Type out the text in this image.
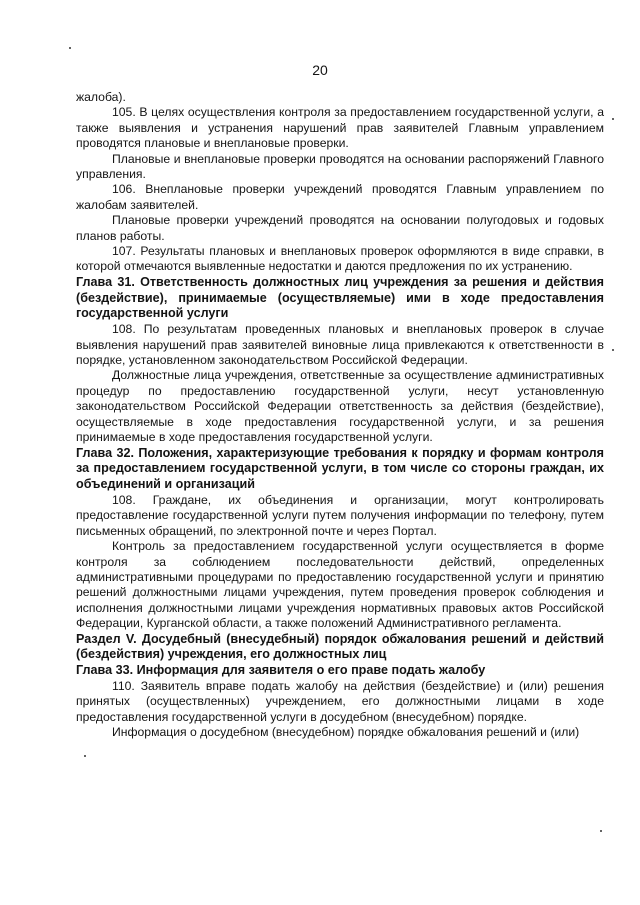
20

жалоба).

105. В целях осуществления контроля за предоставлением государственной услуги, а также выявления и устранения нарушений прав заявителей Главным управлением проводятся плановые и внеплановые проверки.

Плановые и внеплановые проверки проводятся на основании распоряжений Главного управления.

106. Внеплановые проверки учреждений проводятся Главным управлением по жалобам заявителей.

Плановые проверки учреждений проводятся на основании полугодовых и годовых планов работы.

107. Результаты плановых и внеплановых проверок оформляются в виде справки, в которой отмечаются выявленные недостатки и даются предложения по их устранению.

Глава 31. Ответственность должностных лиц учреждения за решения и действия (бездействие), принимаемые (осуществляемые) ими в ходе предоставления государственной услуги

108. По результатам проведенных плановых и внеплановых проверок в случае выявления нарушений прав заявителей виновные лица привлекаются к ответственности в порядке, установленном законодательством Российской Федерации.

Должностные лица учреждения, ответственные за осуществление административных процедур по предоставлению государственной услуги, несут установленную законодательством Российской Федерации ответственность за действия (бездействие), осуществляемые в ходе предоставления государственной услуги, и за решения принимаемые в ходе предоставления государственной услуги.

Глава 32. Положения, характеризующие требования к порядку и формам контроля за предоставлением государственной услуги, в том числе со стороны граждан, их объединений и организаций

108. Граждане, их объединения и организации, могут контролировать предоставление государственной услуги путем получения информации по телефону, путем письменных обращений, по электронной почте и через Портал.

Контроль за предоставлением государственной услуги осуществляется в форме контроля за соблюдением последовательности действий, определенных административными процедурами по предоставлению государственной услуги и принятию решений должностными лицами учреждения, путем проведения проверок соблюдения и исполнения должностными лицами учреждения нормативных правовых актов Российской Федерации, Курганской области, а также положений Административного регламента.

Раздел V. Досудебный (внесудебный) порядок обжалования решений и действий (бездействия) учреждения, его должностных лиц

Глава 33. Информация для заявителя о его праве подать жалобу

110. Заявитель вправе подать жалобу на действия (бездействие) и (или) решения принятых (осуществленных) учреждением, его должностными лицами в ходе предоставления государственной услуги в досудебном (внесудебном) порядке.

Информация о досудебном (внесудебном) порядке обжалования решений и (или)
